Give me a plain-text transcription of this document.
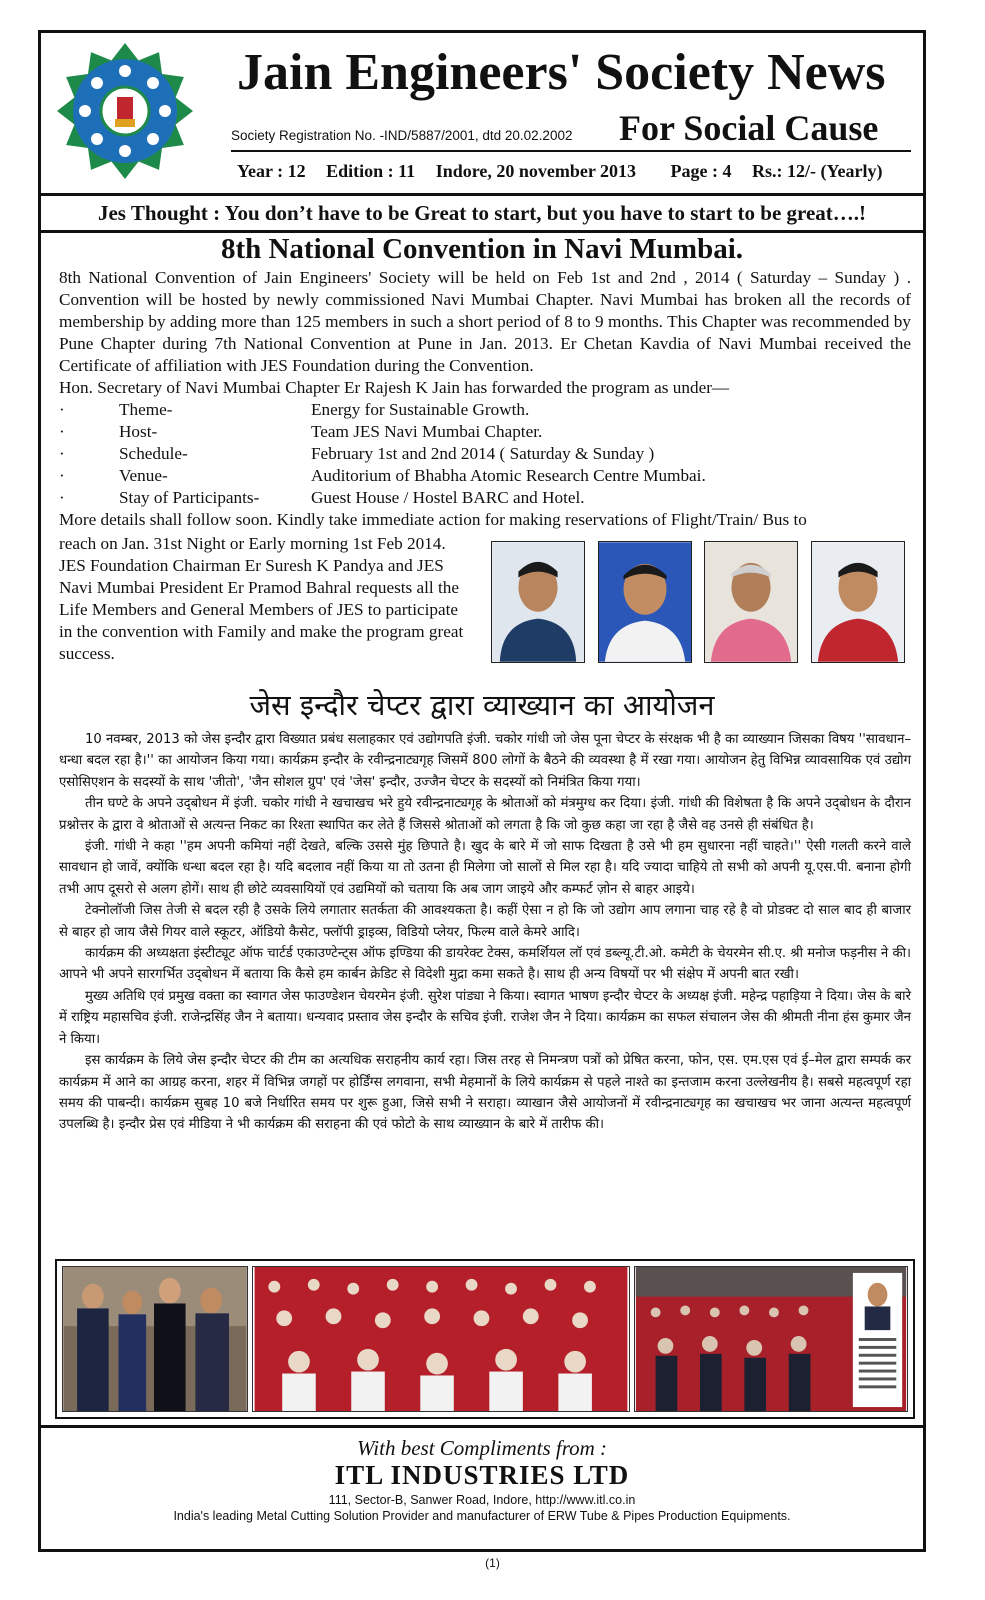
Jain Engineers' Society News
Society Registration No. -IND/5887/2001, dtd 20.02.2002 For Social Cause
Year : 12 Edition : 11 Indore, 20 november 2013 Page : 4 Rs.: 12/- (Yearly)
Jes Thought : You don’t have to be Great to start, but you have to start to be great….!
8th National Convention in Navi Mumbai.

8th National Convention of Jain Engineers' Society will be held on Feb 1st and 2nd , 2014 ( Saturday – Sunday ) . Convention will be hosted by newly commissioned Navi Mumbai Chapter. Navi Mumbai has broken all the records of membership by adding more than 125 members in such a short period of 8 to 9 months. This Chapter was recommended by Pune Chapter during 7th National Convention at Pune in Jan. 2013. Er Chetan Kavdia of Navi Mumbai received the Certificate of affiliation with JES Foundation during the Convention.

Hon. Secretary of Navi Mumbai Chapter Er Rajesh K Jain has forwarded the program as under—

·	Theme-	Energy for Sustainable Growth.
·	Host-	Team JES Navi Mumbai Chapter.
·	Schedule-	February 1st and 2nd 2014 ( Saturday & Sunday )
·	Venue-	Auditorium of Bhabha Atomic Research Centre Mumbai.
·	Stay of Participants-	Guest House / Hostel BARC and Hotel.

More details shall follow soon. Kindly take immediate action for making reservations of Flight/Train/ Bus to

reach on Jan. 31st Night or Early morning 1st Feb 2014.

JES Foundation Chairman Er Suresh K Pandya and JES Navi Mumbai President Er Pramod Bahral requests all the Life Members and General Members of JES to participate in the convention with Family and make the program great success.

जेस इन्दौर चेप्टर द्वारा व्याख्यान का आयोजन

10 नवम्बर, 2013 को जेस इन्दौर द्वारा विख्यात प्रबंध सलाहकार एवं उद्योगपति इंजी. चकोर गांधी जो जेस पूना चेप्टर के संरक्षक भी है का व्याख्यान जिसका विषय ''सावधान–धन्धा बदल रहा है।'' का आयोजन किया गया। कार्यक्रम इन्दौर के रवीन्द्रनाट्यगृह जिसमें 800 लोगों के बैठने की व्यवस्था है में रखा गया। आयोजन हेतु विभिन्न व्यावसायिक एवं उद्योग एसोसिएशन के सदस्यों के साथ 'जीतो', 'जैन सोशल ग्रुप' एवं 'जेस' इन्दौर, उज्जैन चेप्टर के सदस्यों को निमंत्रित किया गया।

तीन घण्टे के अपने उद्‍बोधन में इंजी. चकोर गांधी ने खचाखच भरे हुये रवीन्द्रनाट्यगृह के श्रोताओं को मंत्रमुग्ध कर दिया। इंजी. गांधी की विशेषता है कि अपने उद्‍बोधन के दौरान प्रश्नोत्तर के द्वारा वे श्रोताओं से अत्यन्त निकट का रिश्ता स्थापित कर लेते हैं जिससे श्रोताओं को लगता है कि जो कुछ कहा जा रहा है जैसे वह उनसे ही संबंधित है।

इंजी. गांधी ने कहा ''हम अपनी कमियां नहीं देखते, बल्कि उससे मुंह छिपाते है। खुद के बारे में जो साफ दिखता है उसे भी हम सुधारना नहीं चाहते।'' ऐसी गलती करने वाले सावधान हो जावें, क्योंकि धन्धा बदल रहा है। यदि बदलाव नहीं किया या तो उतना ही मिलेगा जो सालों से मिल रहा है। यदि ज्यादा चाहिये तो सभी को अपनी यू.एस.पी. बनाना होगी तभी आप दूसरो से अलग होगें। साथ ही छोटे व्यवसायियों एवं उद्यमियों को चताया कि अब जाग जाइये और कम्फर्ट ज़ोन से बाहर आइये।

टेक्नोलॉजी जिस तेजी से बदल रही है उसके लिये लगातार सतर्कता की आवश्यकता है। कहीं ऐसा न हो कि जो उद्योग आप लगाना चाह रहे है वो प्रोडक्ट दो साल बाद ही बाजार से बाहर हो जाय जैसे गियर वाले स्कूटर, ऑडियो कैसेट, फ्लॉपी ड्राइव्स, विडियो प्लेयर, फिल्म वाले केमरे आदि।

कार्यक्रम की अध्यक्षता इंस्टीट्यूट ऑफ चार्टर्ड एकाउण्टेन्ट्स ऑफ इण्डिया की डायरेक्ट टेक्स, कमर्शियल लॉ एवं डब्ल्यू.टी.ओ. कमेटी के चेयरमेन सी.ए. श्री मनोज फड़नीस ने की। आपने भी अपने सारगर्भित उद्‍बोधन में बताया कि कैसे हम कार्बन क्रेडिट से विदेशी मुद्रा कमा सकते है। साथ ही अन्य विषयों पर भी संक्षेप में अपनी बात रखी।

मुख्य अतिथि एवं प्रमुख वक्ता का स्वागत जेस फाउण्डेशन चेयरमेन इंजी. सुरेश पांड्या ने किया। स्वागत भाषण इन्दौर चेप्टर के अध्यक्ष इंजी. महेन्द्र पहाड़िया ने दिया। जेस के बारे में राष्ट्रिय महासचिव इंजी. राजेन्द्रसिंह जैन ने बताया। धन्यवाद प्रस्ताव जेस इन्दौर के सचिव इंजी. राजेश जैन ने दिया। कार्यक्रम का सफल संचालन जेस की श्रीमती नीना हंस कुमार जैन ने किया।

इस कार्यक्रम के लिये जेस इन्दौर चेप्टर की टीम का अत्यधिक सराहनीय कार्य रहा। जिस तरह से निमन्त्रण पत्रों को प्रेषित करना, फोन, एस. एम.एस एवं ई–मेल द्वारा सम्पर्क कर कार्यक्रम में आने का आग्रह करना, शहर में विभिन्न जगहों पर होर्डिंग्स लगवाना, सभी मेहमानों के लिये कार्यक्रम से पहले नाश्ते का इन्तजाम करना उल्लेखनीय है। सबसे महत्वपूर्ण रहा समय की पाबन्दी। कार्यक्रम सुबह 10 बजे निर्धारित समय पर शुरू हुआ, जिसे सभी ने सराहा। व्याखान जैसे आयोजनों में रवीन्द्रनाट्यगृह का खचाखच भर जाना अत्यन्त महत्वपूर्ण उपलब्धि है। इन्दौर प्रेस एवं मीडिया ने भी कार्यक्रम की सराहना की एवं फोटो के साथ व्याख्यान के बारे में तारीफ की।

With best Compliments from :
ITL INDUSTRIES LTD
111, Sector-B, Sanwer Road, Indore, http://www.itl.co.in
India's leading Metal Cutting Solution Provider and manufacturer of ERW Tube & Pipes Production Equipments.
(1)
